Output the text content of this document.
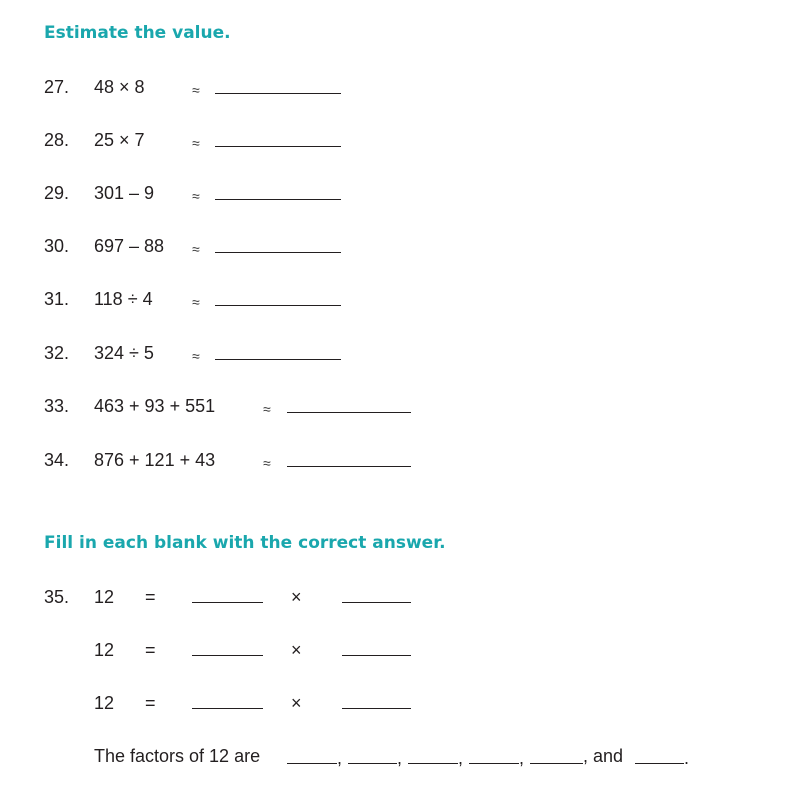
Estimate the value.
27. 48 × 8	≈
28. 25 × 7	≈
29. 301 – 9	≈
30. 697 – 88 ≈
31. 118 ÷ 4	≈
32. 324 ÷ 5	≈
33. 463 + 93 + 551	≈
34. 876 + 121 + 43	≈
Fill in each blank with the correct answer.
35. 12 =	×
12 =	×
12 =	×
The factors of 12 are	,	,	,	,	, and	.
